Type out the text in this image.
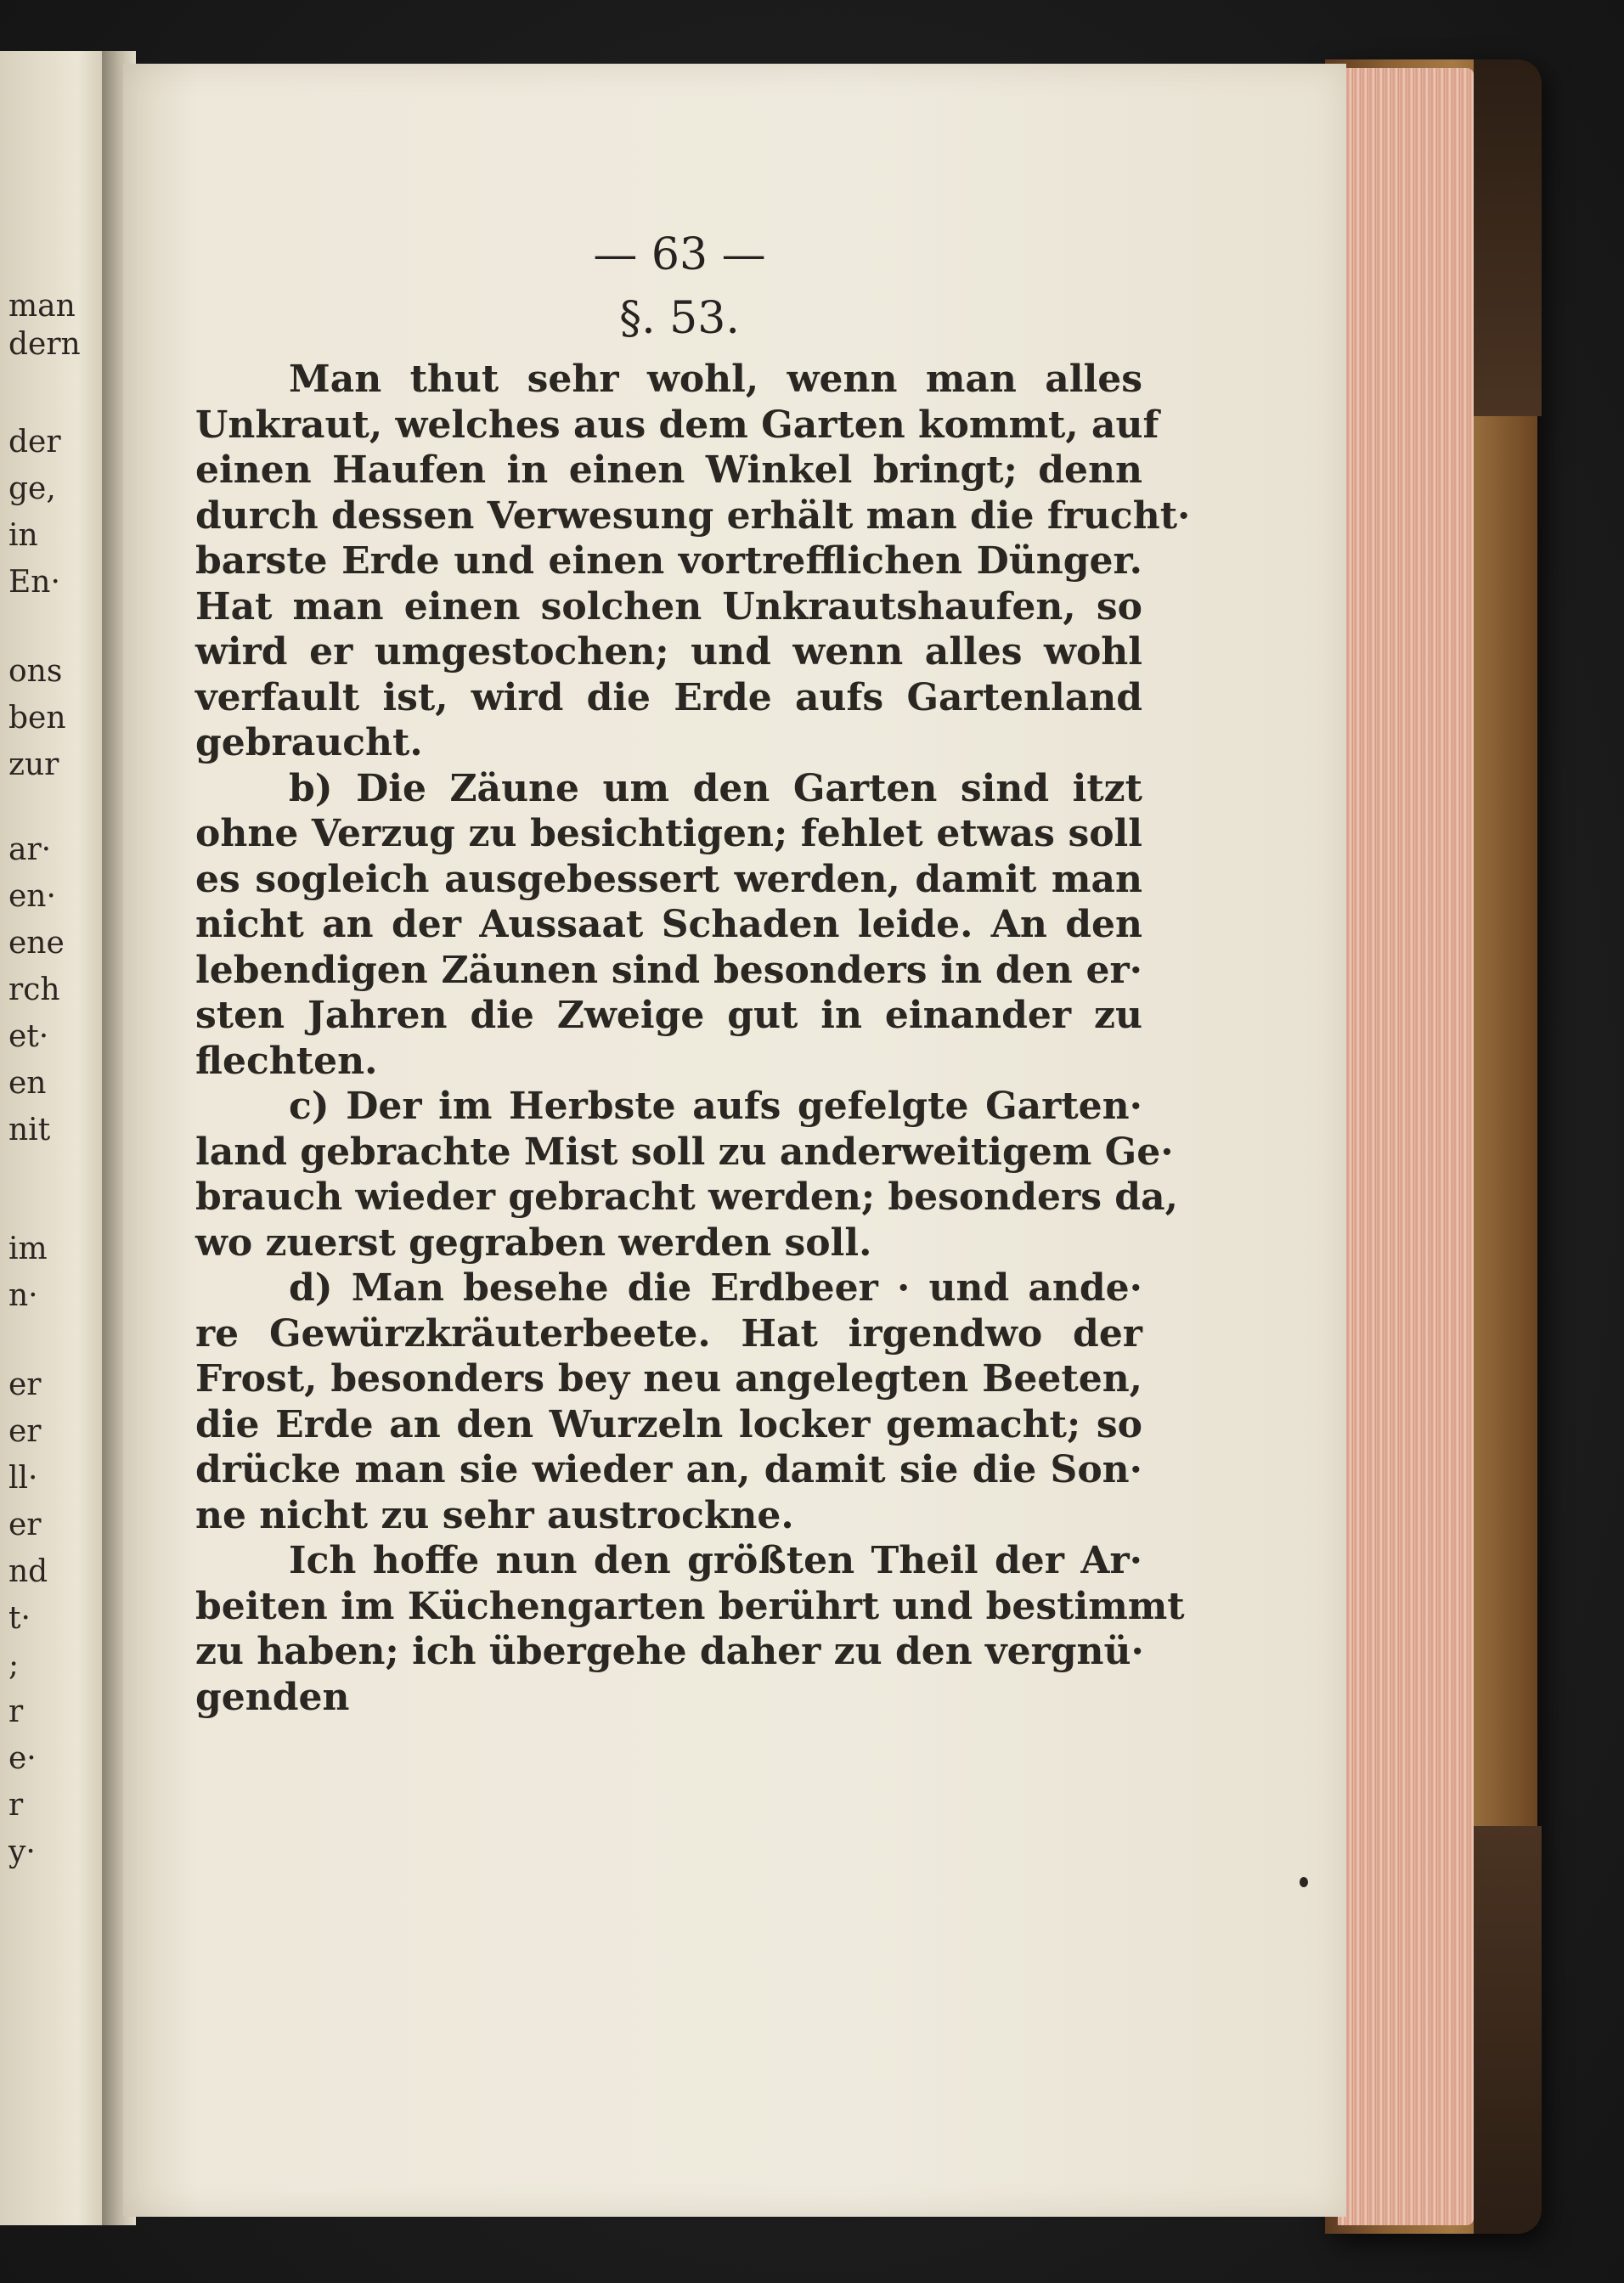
man
dern
der
ge,
in
En·
ons
ben
zur
ar·
en·
ene
rch
et·
en
nit
im
n·
er
er
ll·
er
nd
t·
;
r
e·
r
y·
— 63 —
§. 53.
Man thut sehr wohl, wenn man alles
Unkraut, welches aus dem Garten kommt, auf
einen Haufen in einen Winkel bringt; denn
durch dessen Verwesung erhält man die frucht·
barste Erde und einen vortrefflichen Dünger.
Hat man einen solchen Unkrautshaufen, so
wird er umgestochen; und wenn alles wohl
verfault ist, wird die Erde aufs Gartenland
gebraucht.
b) Die Zäune um den Garten sind itzt
ohne Verzug zu besichtigen; fehlet etwas soll
es sogleich ausgebessert werden, damit man
nicht an der Aussaat Schaden leide. An den
lebendigen Zäunen sind besonders in den er·
sten Jahren die Zweige gut in einander zu
flechten.
c) Der im Herbste aufs gefelgte Garten·
land gebrachte Mist soll zu anderweitigem Ge·
brauch wieder gebracht werden; besonders da,
wo zuerst gegraben werden soll.
d) Man besehe die Erdbeer · und ande·
re Gewürzkräuterbeete. Hat irgendwo der
Frost, besonders bey neu angelegten Beeten,
die Erde an den Wurzeln locker gemacht; so
drücke man sie wieder an, damit sie die Son·
ne nicht zu sehr austrockne.
Ich hoffe nun den größten Theil der Ar·
beiten im Küchengarten berührt und bestimmt
zu haben; ich übergehe daher zu den vergnü·
genden
